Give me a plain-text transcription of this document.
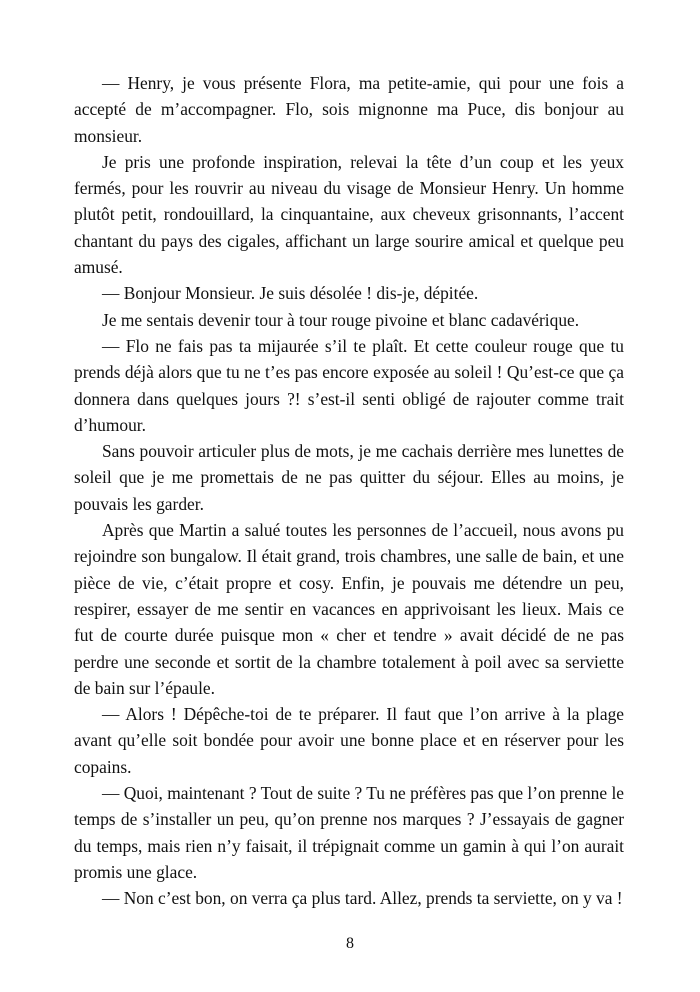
— Henry, je vous présente Flora, ma petite-amie, qui pour une fois a accepté de m’accompagner. Flo, sois mignonne ma Puce, dis bonjour au monsieur.

Je pris une profonde inspiration, relevai la tête d’un coup et les yeux fermés, pour les rouvrir au niveau du visage de Monsieur Henry. Un homme plutôt petit, rondouillard, la cinquantaine, aux cheveux grisonnants, l’accent chantant du pays des cigales, affichant un large sourire amical et quelque peu amusé.

— Bonjour Monsieur. Je suis désolée ! dis-je, dépitée.

Je me sentais devenir tour à tour rouge pivoine et blanc cadavérique.

— Flo ne fais pas ta mijaurée s’il te plaît. Et cette couleur rouge que tu prends déjà alors que tu ne t’es pas encore exposée au soleil ! Qu’est-ce que ça donnera dans quelques jours ?! s’est-il senti obligé de rajouter comme trait d’humour.

Sans pouvoir articuler plus de mots, je me cachais derrière mes lunettes de soleil que je me promettais de ne pas quitter du séjour. Elles au moins, je pouvais les garder.

Après que Martin a salué toutes les personnes de l’accueil, nous avons pu rejoindre son bungalow. Il était grand, trois chambres, une salle de bain, et une pièce de vie, c’était propre et cosy. Enfin, je pouvais me détendre un peu, respirer, essayer de me sentir en vacances en apprivoisant les lieux. Mais ce fut de courte durée puisque mon « cher et tendre » avait décidé de ne pas perdre une seconde et sortit de la chambre totalement à poil avec sa serviette de bain sur l’épaule.

— Alors ! Dépêche-toi de te préparer. Il faut que l’on arrive à la plage avant qu’elle soit bondée pour avoir une bonne place et en réserver pour les copains.

— Quoi, maintenant ? Tout de suite ? Tu ne préfères pas que l’on prenne le temps de s’installer un peu, qu’on prenne nos marques ? J’essayais de gagner du temps, mais rien n’y faisait, il trépignait comme un gamin à qui l’on aurait promis une glace.

— Non c’est bon, on verra ça plus tard. Allez, prends ta serviette, on y va !

8
